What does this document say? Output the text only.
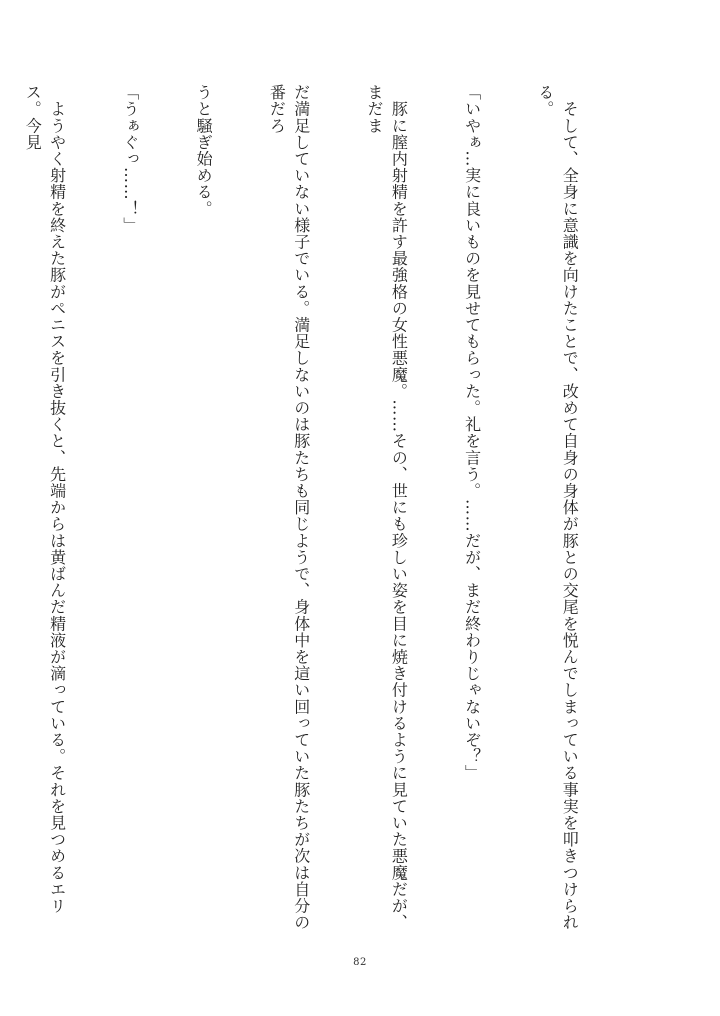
　そして、全身に意識を向けたことで、改めて自身の身体が豚との交尾を悦んでしまっている事実を叩きつけられる。

「いやぁ…実に良いものを見せてもらった。礼を言う。……だが、まだ終わりじゃないぞ？」

　豚に膣内射精を許す最強格の女性悪魔。……その、世にも珍しい姿を目に焼き付けるように見ていた悪魔だが、まだま

だ満足していない様子でいる。満足しないのは豚たちも同じようで、身体中を這い回っていた豚たちが次は自分の番だろ

うと騒ぎ始める。

「うぁぐっ……！」

　ようやく射精を終えた豚がペニスを引き抜くと、先端からは黄ばんだ精液が滴っている。それを見つめるエリス。今見

82
